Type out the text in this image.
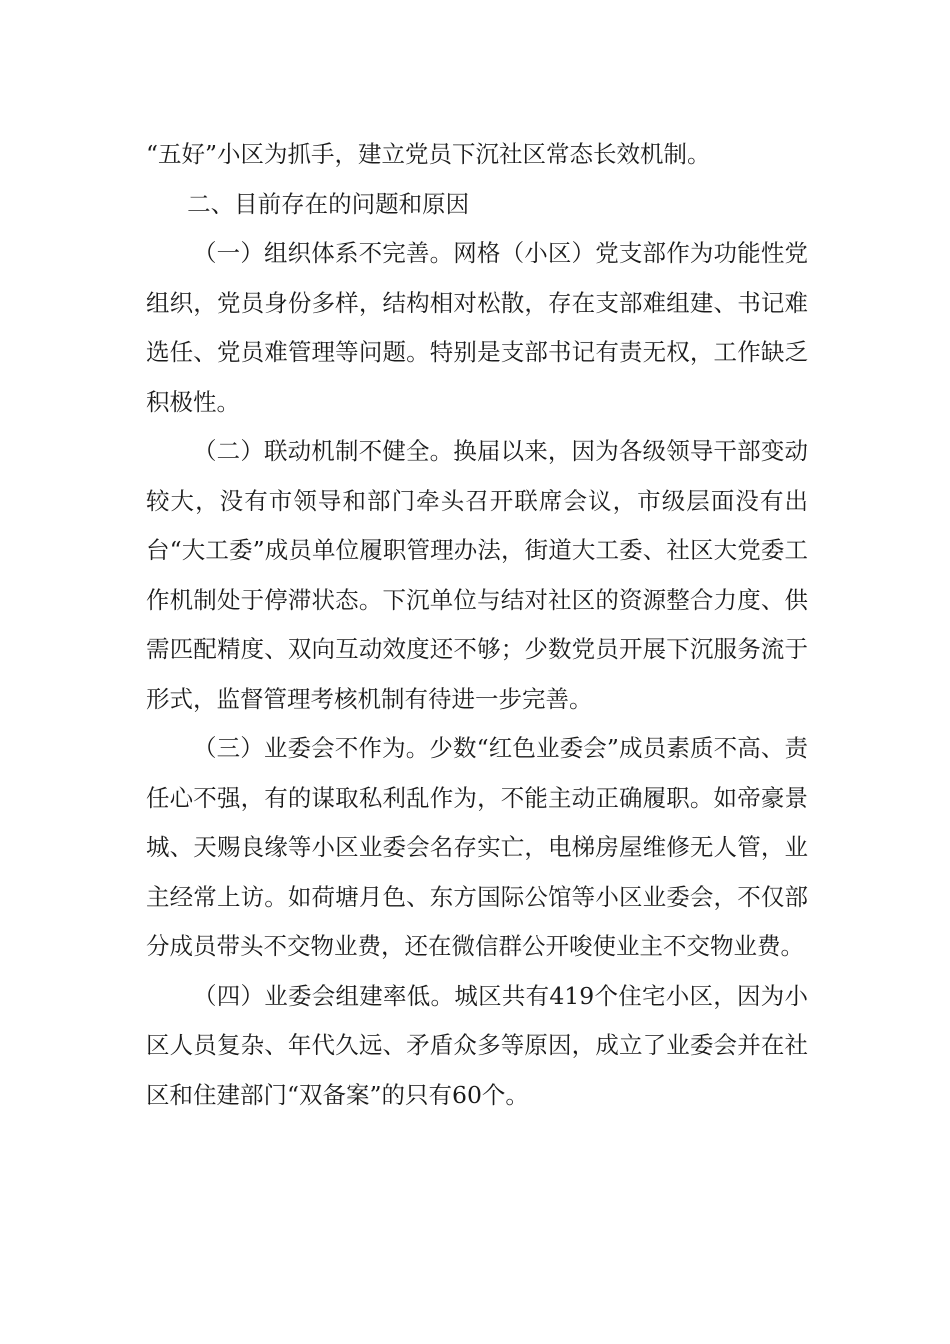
“五好”小区为抓手，建立党员下沉社区常态长效机制。

二、目前存在的问题和原因

（一）组织体系不完善。网格（小区）党支部作为功能性党组织，党员身份多样，结构相对松散，存在支部难组建、书记难选任、党员难管理等问题。特别是支部书记有责无权，工作缺乏积极性。

（二）联动机制不健全。换届以来，因为各级领导干部变动较大，没有市领导和部门牵头召开联席会议，市级层面没有出台“大工委”成员单位履职管理办法，街道大工委、社区大党委工作机制处于停滞状态。下沉单位与结对社区的资源整合力度、供需匹配精度、双向互动效度还不够；少数党员开展下沉服务流于形式，监督管理考核机制有待进一步完善。

（三）业委会不作为。少数“红色业委会”成员素质不高、责任心不强，有的谋取私利乱作为，不能主动正确履职。如帝豪景城、天赐良缘等小区业委会名存实亡，电梯房屋维修无人管，业主经常上访。如荷塘月色、东方国际公馆等小区业委会，不仅部分成员带头不交物业费，还在微信群公开唆使业主不交物业费。

（四）业委会组建率低。城区共有419个住宅小区，因为小区人员复杂、年代久远、矛盾众多等原因，成立了业委会并在社区和住建部门“双备案”的只有60个。
